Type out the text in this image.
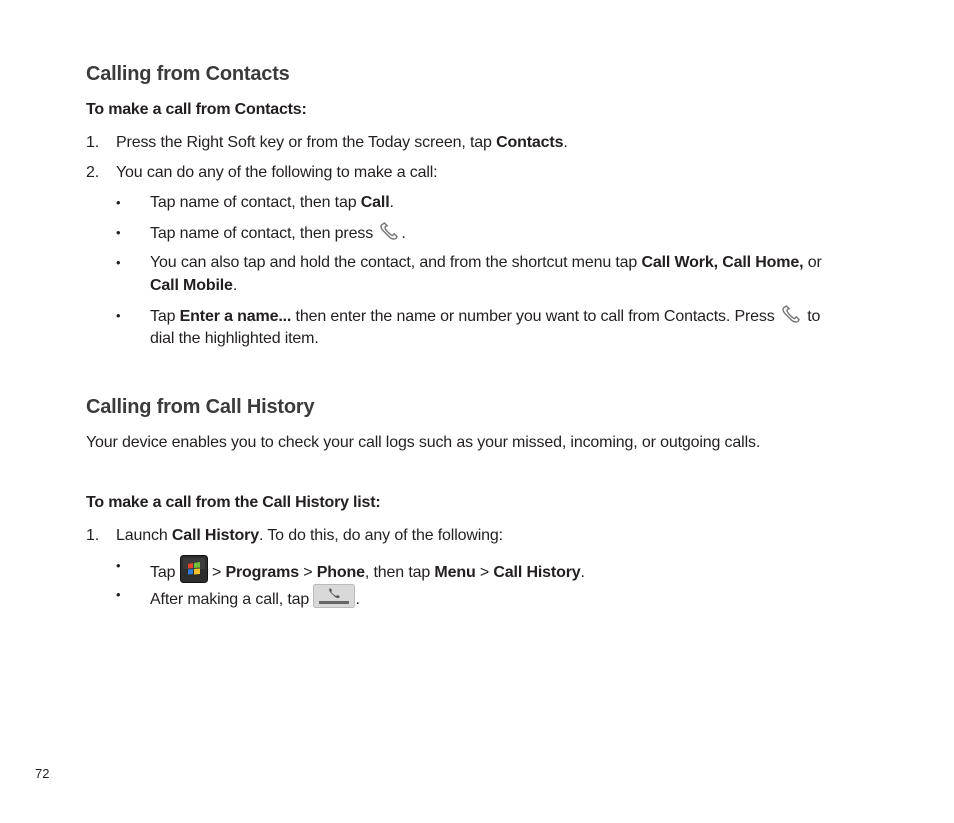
Calling from Contacts
To make a call from Contacts:
1. Press the Right Soft key or from the Today screen, tap Contacts.
2. You can do any of the following to make a call:
• Tap name of contact, then tap Call.
• Tap name of contact, then press .
• You can also tap and hold the contact, and from the shortcut menu tap Call Work, Call Home, or
Call Mobile.
• Tap Enter a name... then enter the name or number you want to call from Contacts. Press  to
dial the highlighted item.
Calling from Call History
Your device enables you to check your call logs such as your missed, incoming, or outgoing calls.
To make a call from the Call History list:
1. Launch Call History. To do this, do any of the following:
• Tap  > Programs > Phone, then tap Menu > Call History.
• After making a call, tap	.
72
